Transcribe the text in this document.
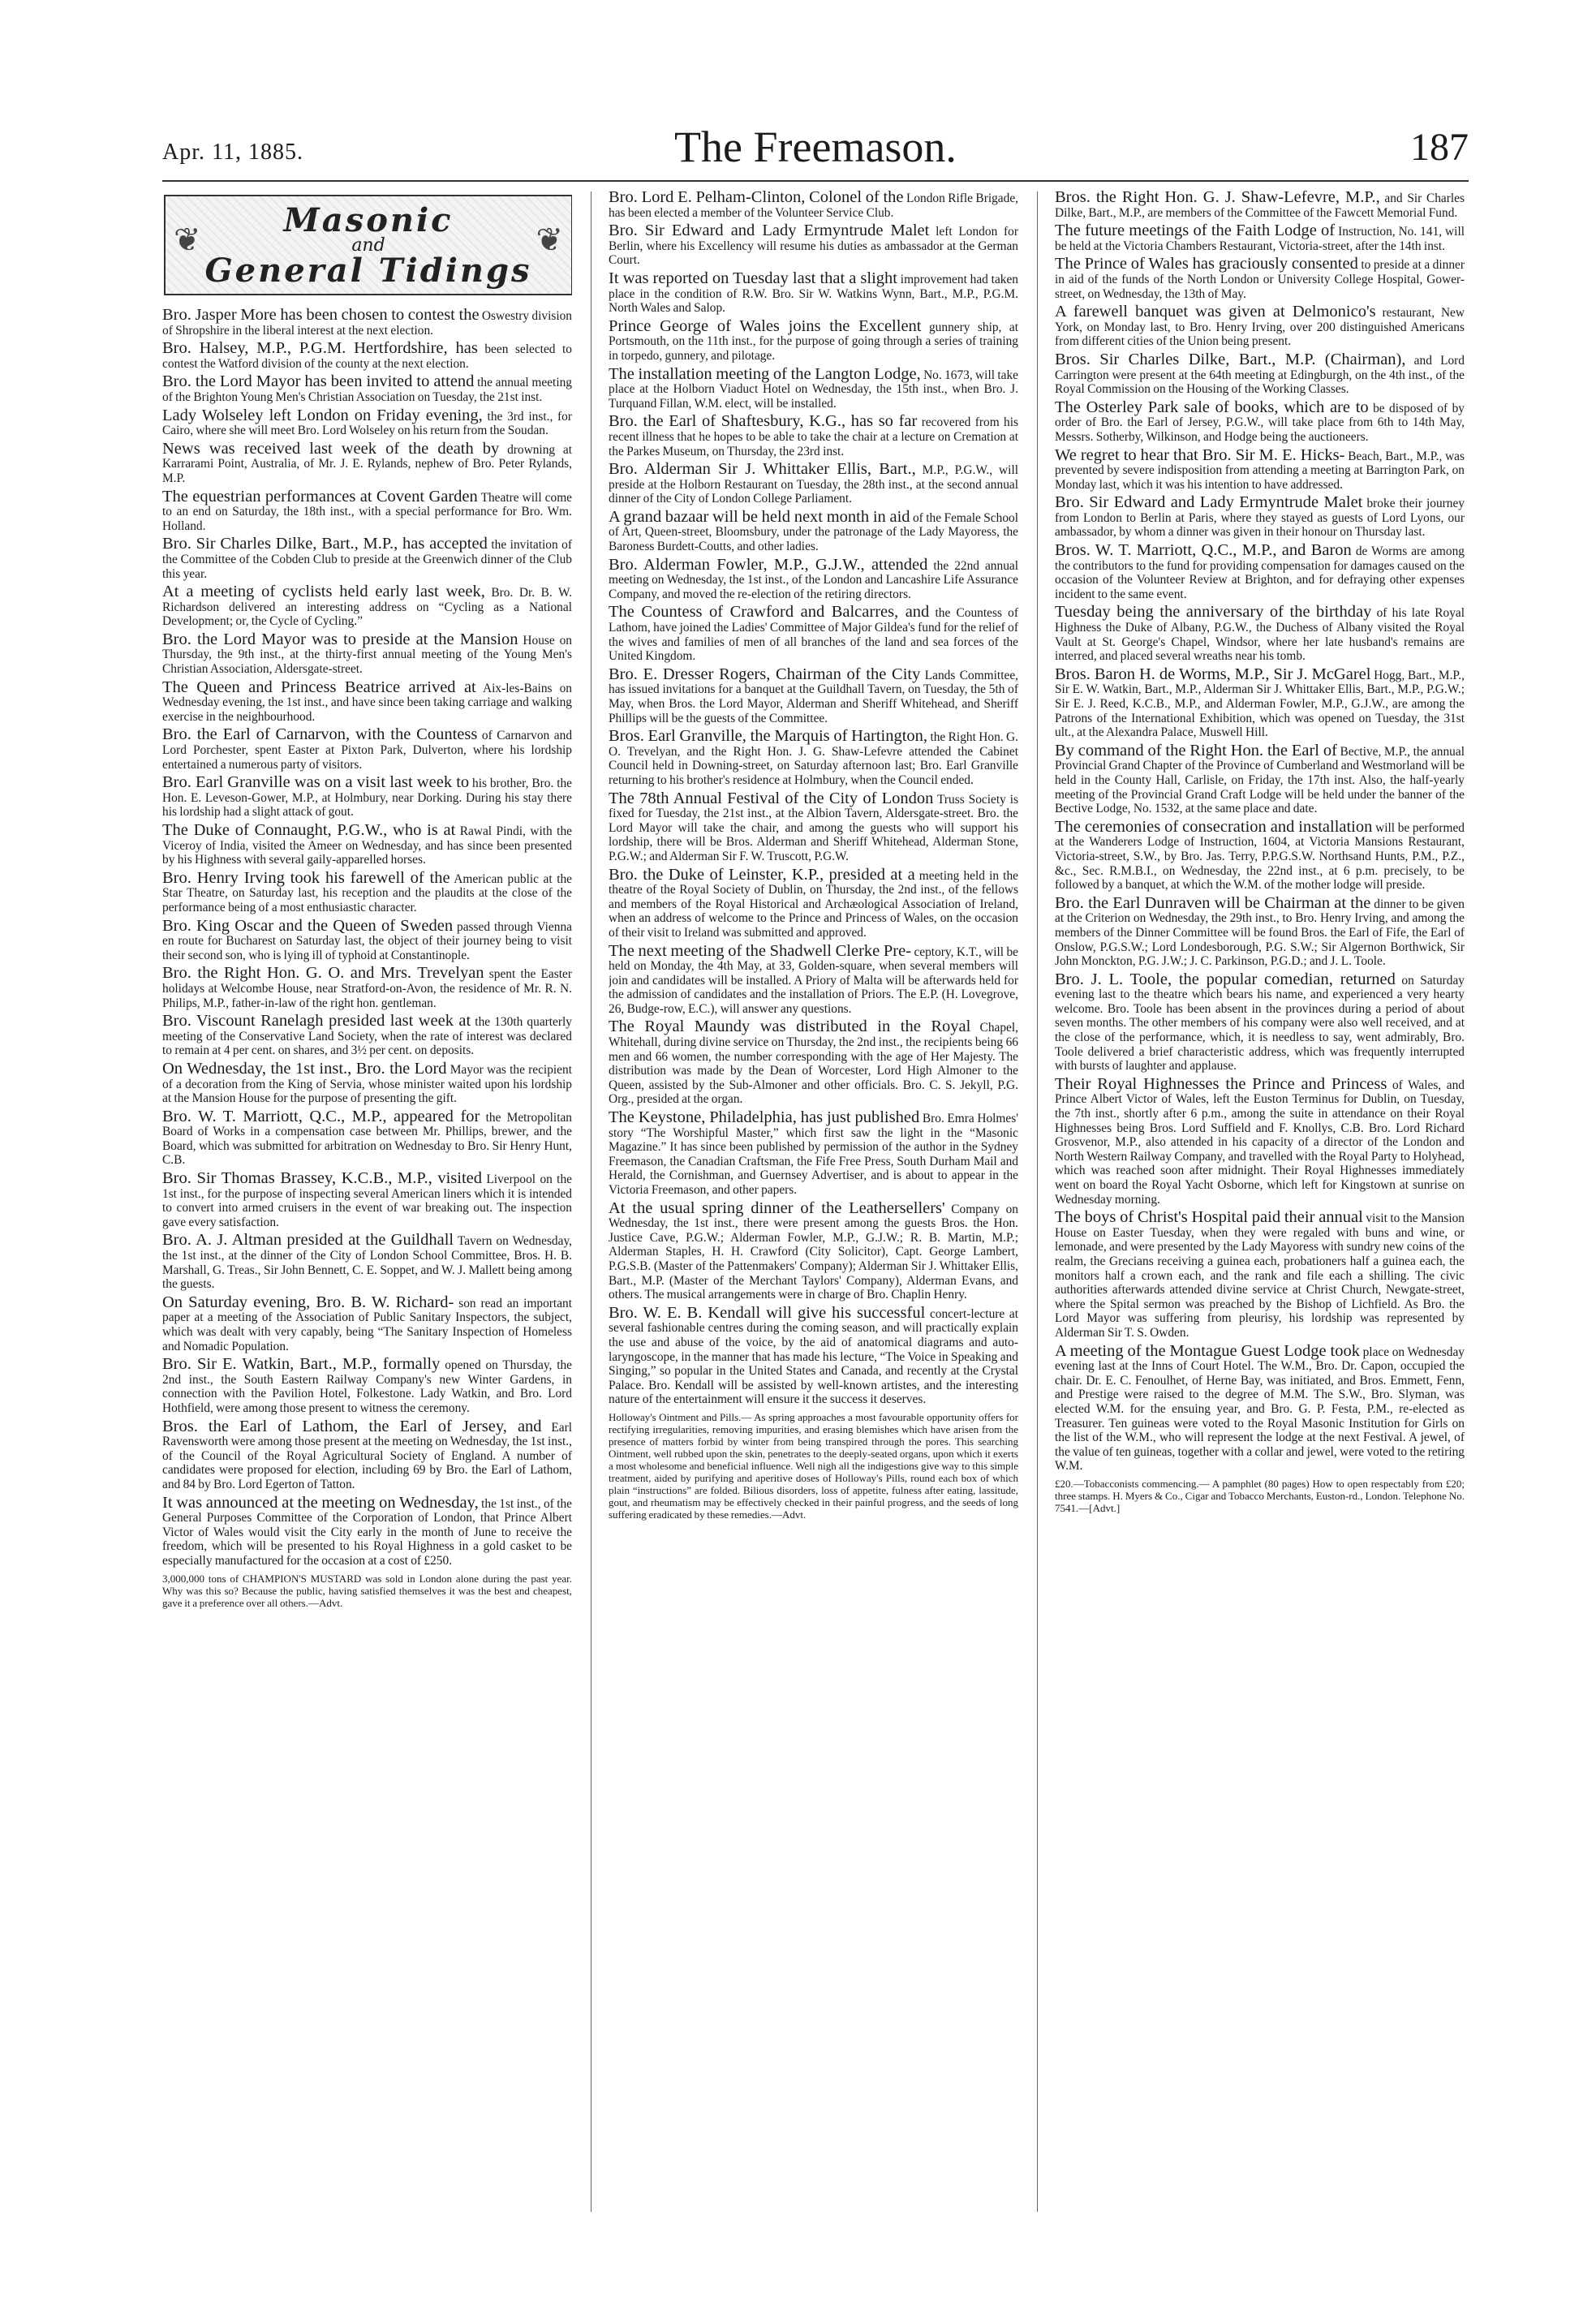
Apr. 11, 1885.	The Freemason.	187
❦	❦
Masonic
and
General Tidings

Bro. Jasper More has been chosen to contest the Oswestry division of Shropshire in the liberal interest at the next election.

Bro. Halsey, M.P., P.G.M. Hertfordshire, has been selected to contest the Watford division of the county at the next election.

Bro. the Lord Mayor has been invited to attend the annual meeting of the Brighton Young Men's Christian Association on Tuesday, the 21st inst.

Lady Wolseley left London on Friday evening, the 3rd inst., for Cairo, where she will meet Bro. Lord Wolseley on his return from the Soudan.

News was received last week of the death by drowning at Karrarami Point, Australia, of Mr. J. E. Rylands, nephew of Bro. Peter Rylands, M.P.

The equestrian performances at Covent Garden Theatre will come to an end on Saturday, the 18th inst., with a special performance for Bro. Wm. Holland.

Bro. Sir Charles Dilke, Bart., M.P., has accepted the invitation of the Committee of the Cobden Club to preside at the Greenwich dinner of the Club this year.

At a meeting of cyclists held early last week, Bro. Dr. B. W. Richardson delivered an interesting address on “Cycling as a National Development; or, the Cycle of Cycling.”

Bro. the Lord Mayor was to preside at the Mansion House on Thursday, the 9th inst., at the thirty-first annual meeting of the Young Men's Christian Association, Aldersgate-street.

The Queen and Princess Beatrice arrived at Aix-les-Bains on Wednesday evening, the 1st inst., and have since been taking carriage and walking exercise in the neighbourhood.

Bro. the Earl of Carnarvon, with the Countess of Carnarvon and Lord Porchester, spent Easter at Pixton Park, Dulverton, where his lordship entertained a numerous party of visitors.

Bro. Earl Granville was on a visit last week to his brother, Bro. the Hon. E. Leveson-Gower, M.P., at Holmbury, near Dorking. During his stay there his lordship had a slight attack of gout.

The Duke of Connaught, P.G.W., who is at Rawal Pindi, with the Viceroy of India, visited the Ameer on Wednesday, and has since been presented by his Highness with several gaily-apparelled horses.

Bro. Henry Irving took his farewell of the American public at the Star Theatre, on Saturday last, his reception and the plaudits at the close of the performance being of a most enthusiastic character.

Bro. King Oscar and the Queen of Sweden passed through Vienna en route for Bucharest on Saturday last, the object of their journey being to visit their second son, who is lying ill of typhoid at Constantinople.

Bro. the Right Hon. G. O. and Mrs. Trevelyan spent the Easter holidays at Welcombe House, near Stratford-on-Avon, the residence of Mr. R. N. Philips, M.P., father-in-law of the right hon. gentleman.

Bro. Viscount Ranelagh presided last week at the 130th quarterly meeting of the Conservative Land Society, when the rate of interest was declared to remain at 4 per cent. on shares, and 3½ per cent. on deposits.

On Wednesday, the 1st inst., Bro. the Lord Mayor was the recipient of a decoration from the King of Servia, whose minister waited upon his lordship at the Mansion House for the purpose of presenting the gift.

Bro. W. T. Marriott, Q.C., M.P., appeared for the Metropolitan Board of Works in a compensation case between Mr. Phillips, brewer, and the Board, which was submitted for arbitration on Wednesday to Bro. Sir Henry Hunt, C.B.

Bro. Sir Thomas Brassey, K.C.B., M.P., visited Liverpool on the 1st inst., for the purpose of inspecting several American liners which it is intended to convert into armed cruisers in the event of war breaking out. The inspection gave every satisfaction.

Bro. A. J. Altman presided at the Guildhall Tavern on Wednesday, the 1st inst., at the dinner of the City of London School Committee, Bros. H. B. Marshall, G. Treas., Sir John Bennett, C. E. Soppet, and W. J. Mallett being among the guests.

On Saturday evening, Bro. B. W. Richard- son read an important paper at a meeting of the Association of Public Sanitary Inspectors, the subject, which was dealt with very capably, being “The Sanitary Inspection of Homeless and Nomadic Population.

Bro. Sir E. Watkin, Bart., M.P., formally opened on Thursday, the 2nd inst., the South Eastern Railway Company's new Winter Gardens, in connection with the Pavilion Hotel, Folkestone. Lady Watkin, and Bro. Lord Hothfield, were among those present to witness the ceremony.

Bros. the Earl of Lathom, the Earl of Jersey, and Earl Ravensworth were among those present at the meeting on Wednesday, the 1st inst., of the Council of the Royal Agricultural Society of England. A number of candidates were proposed for election, including 69 by Bro. the Earl of Lathom, and 84 by Bro. Lord Egerton of Tatton.

It was announced at the meeting on Wednesday, the 1st inst., of the General Purposes Committee of the Corporation of London, that Prince Albert Victor of Wales would visit the City early in the month of June to receive the freedom, which will be presented to his Royal Highness in a gold casket to be especially manufactured for the occasion at a cost of £250.

3,000,000 tons of CHAMPION'S MUSTARD was sold in London alone during the past year. Why was this so? Because the public, having satisfied themselves it was the best and cheapest, gave it a preference over all others.—Advt.

Bro. Lord E. Pelham-Clinton, Colonel of the London Rifle Brigade, has been elected a member of the Volunteer Service Club.

Bro. Sir Edward and Lady Ermyntrude Malet left London for Berlin, where his Excellency will resume his duties as ambassador at the German Court.

It was reported on Tuesday last that a slight improvement had taken place in the condition of R.W. Bro. Sir W. Watkins Wynn, Bart., M.P., P.G.M. North Wales and Salop.

Prince George of Wales joins the Excellent gunnery ship, at Portsmouth, on the 11th inst., for the purpose of going through a series of training in torpedo, gunnery, and pilotage.

The installation meeting of the Langton Lodge, No. 1673, will take place at the Holborn Viaduct Hotel on Wednesday, the 15th inst., when Bro. J. Turquand Fillan, W.M. elect, will be installed.

Bro. the Earl of Shaftesbury, K.G., has so far recovered from his recent illness that he hopes to be able to take the chair at a lecture on Cremation at the Parkes Museum, on Thursday, the 23rd inst.

Bro. Alderman Sir J. Whittaker Ellis, Bart., M.P., P.G.W., will preside at the Holborn Restaurant on Tuesday, the 28th inst., at the second annual dinner of the City of London College Parliament.

A grand bazaar will be held next month in aid of the Female School of Art, Queen-street, Bloomsbury, under the patronage of the Lady Mayoress, the Baroness Burdett-Coutts, and other ladies.

Bro. Alderman Fowler, M.P., G.J.W., attended the 22nd annual meeting on Wednesday, the 1st inst., of the London and Lancashire Life Assurance Company, and moved the re-election of the retiring directors.

The Countess of Crawford and Balcarres, and the Countess of Lathom, have joined the Ladies' Committee of Major Gildea's fund for the relief of the wives and families of men of all branches of the land and sea forces of the United Kingdom.

Bro. E. Dresser Rogers, Chairman of the City Lands Committee, has issued invitations for a banquet at the Guildhall Tavern, on Tuesday, the 5th of May, when Bros. the Lord Mayor, Alderman and Sheriff Whitehead, and Sheriff Phillips will be the guests of the Committee.

Bros. Earl Granville, the Marquis of Hartington, the Right Hon. G. O. Trevelyan, and the Right Hon. J. G. Shaw-Lefevre attended the Cabinet Council held in Downing-street, on Saturday afternoon last; Bro. Earl Granville returning to his brother's residence at Holmbury, when the Council ended.

The 78th Annual Festival of the City of London Truss Society is fixed for Tuesday, the 21st inst., at the Albion Tavern, Aldersgate-street. Bro. the Lord Mayor will take the chair, and among the guests who will support his lordship, there will be Bros. Alderman and Sheriff Whitehead, Alderman Stone, P.G.W.; and Alderman Sir F. W. Truscott, P.G.W.

Bro. the Duke of Leinster, K.P., presided at a meeting held in the theatre of the Royal Society of Dublin, on Thursday, the 2nd inst., of the fellows and members of the Royal Historical and Archæological Association of Ireland, when an address of welcome to the Prince and Princess of Wales, on the occasion of their visit to Ireland was submitted and approved.

The next meeting of the Shadwell Clerke Pre- ceptory, K.T., will be held on Monday, the 4th May, at 33, Golden-square, when several members will join and candidates will be installed. A Priory of Malta will be afterwards held for the admission of candidates and the installation of Priors. The E.P. (H. Lovegrove, 26, Budge-row, E.C.), will answer any questions.

The Royal Maundy was distributed in the Royal Chapel, Whitehall, during divine service on Thursday, the 2nd inst., the recipients being 66 men and 66 women, the number corresponding with the age of Her Majesty. The distribution was made by the Dean of Worcester, Lord High Almoner to the Queen, assisted by the Sub-Almoner and other officials. Bro. C. S. Jekyll, P.G. Org., presided at the organ.

The Keystone, Philadelphia, has just published Bro. Emra Holmes' story “The Worshipful Master,” which first saw the light in the “Masonic Magazine.” It has since been published by permission of the author in the Sydney Freemason, the Canadian Craftsman, the Fife Free Press, South Durham Mail and Herald, the Cornishman, and Guernsey Advertiser, and is about to appear in the Victoria Freemason, and other papers.

At the usual spring dinner of the Leathersellers' Company on Wednesday, the 1st inst., there were present among the guests Bros. the Hon. Justice Cave, P.G.W.; Alderman Fowler, M.P., G.J.W.; R. B. Martin, M.P.; Alderman Staples, H. H. Crawford (City Solicitor), Capt. George Lambert, P.G.S.B. (Master of the Pattenmakers' Company); Alderman Sir J. Whittaker Ellis, Bart., M.P. (Master of the Merchant Taylors' Company), Alderman Evans, and others. The musical arrangements were in charge of Bro. Chaplin Henry.

Bro. W. E. B. Kendall will give his successful concert-lecture at several fashionable centres during the coming season, and will practically explain the use and abuse of the voice, by the aid of anatomical diagrams and auto-laryngoscope, in the manner that has made his lecture, “The Voice in Speaking and Singing,” so popular in the United States and Canada, and recently at the Crystal Palace. Bro. Kendall will be assisted by well-known artistes, and the interesting nature of the entertainment will ensure it the success it deserves.

Holloway's Ointment and Pills.— As spring approaches a most favourable opportunity offers for rectifying irregularities, removing impurities, and erasing blemishes which have arisen from the presence of matters forbid by winter from being transpired through the pores. This searching Ointment, well rubbed upon the skin, penetrates to the deeply-seated organs, upon which it exerts a most wholesome and beneficial influence. Well nigh all the indigestions give way to this simple treatment, aided by purifying and aperitive doses of Holloway's Pills, round each box of which plain “instructions” are folded. Bilious disorders, loss of appetite, fulness after eating, lassitude, gout, and rheumatism may be effectively checked in their painful progress, and the seeds of long suffering eradicated by these remedies.—Advt.

Bros. the Right Hon. G. J. Shaw-Lefevre, M.P., and Sir Charles Dilke, Bart., M.P., are members of the Committee of the Fawcett Memorial Fund.

The future meetings of the Faith Lodge of Instruction, No. 141, will be held at the Victoria Chambers Restaurant, Victoria-street, after the 14th inst.

The Prince of Wales has graciously consented to preside at a dinner in aid of the funds of the North London or University College Hospital, Gower-street, on Wednesday, the 13th of May.

A farewell banquet was given at Delmonico's restaurant, New York, on Monday last, to Bro. Henry Irving, over 200 distinguished Americans from different cities of the Union being present.

Bros. Sir Charles Dilke, Bart., M.P. (Chairman), and Lord Carrington were present at the 64th meeting at Edingburgh, on the 4th inst., of the Royal Commission on the Housing of the Working Classes.

The Osterley Park sale of books, which are to be disposed of by order of Bro. the Earl of Jersey, P.G.W., will take place from 6th to 14th May, Messrs. Sotherby, Wilkinson, and Hodge being the auctioneers.

We regret to hear that Bro. Sir M. E. Hicks- Beach, Bart., M.P., was prevented by severe indisposition from attending a meeting at Barrington Park, on Monday last, which it was his intention to have addressed.

Bro. Sir Edward and Lady Ermyntrude Malet broke their journey from London to Berlin at Paris, where they stayed as guests of Lord Lyons, our ambassador, by whom a dinner was given in their honour on Thursday last.

Bros. W. T. Marriott, Q.C., M.P., and Baron de Worms are among the contributors to the fund for providing compensation for damages caused on the occasion of the Volunteer Review at Brighton, and for defraying other expenses incident to the same event.

Tuesday being the anniversary of the birthday of his late Royal Highness the Duke of Albany, P.G.W., the Duchess of Albany visited the Royal Vault at St. George's Chapel, Windsor, where her late husband's remains are interred, and placed several wreaths near his tomb.

Bros. Baron H. de Worms, M.P., Sir J. McGarel Hogg, Bart., M.P., Sir E. W. Watkin, Bart., M.P., Alderman Sir J. Whittaker Ellis, Bart., M.P., P.G.W.; Sir E. J. Reed, K.C.B., M.P., and Alderman Fowler, M.P., G.J.W., are among the Patrons of the International Exhibition, which was opened on Tuesday, the 31st ult., at the Alexandra Palace, Muswell Hill.

By command of the Right Hon. the Earl of Bective, M.P., the annual Provincial Grand Chapter of the Province of Cumberland and Westmorland will be held in the County Hall, Carlisle, on Friday, the 17th inst. Also, the half-yearly meeting of the Provincial Grand Craft Lodge will be held under the banner of the Bective Lodge, No. 1532, at the same place and date.

The ceremonies of consecration and installation will be performed at the Wanderers Lodge of Instruction, 1604, at Victoria Mansions Restaurant, Victoria-street, S.W., by Bro. Jas. Terry, P.P.G.S.W. Northsand Hunts, P.M., P.Z., &c., Sec. R.M.B.I., on Wednesday, the 22nd inst., at 6 p.m. precisely, to be followed by a banquet, at which the W.M. of the mother lodge will preside.

Bro. the Earl Dunraven will be Chairman at the dinner to be given at the Criterion on Wednesday, the 29th inst., to Bro. Henry Irving, and among the members of the Dinner Committee will be found Bros. the Earl of Fife, the Earl of Onslow, P.G.S.W.; Lord Londesborough, P.G. S.W.; Sir Algernon Borthwick, Sir John Monckton, P.G. J.W.; J. C. Parkinson, P.G.D.; and J. L. Toole.

Bro. J. L. Toole, the popular comedian, returned on Saturday evening last to the theatre which bears his name, and experienced a very hearty welcome. Bro. Toole has been absent in the provinces during a period of about seven months. The other members of his company were also well received, and at the close of the performance, which, it is needless to say, went admirably, Bro. Toole delivered a brief characteristic address, which was frequently interrupted with bursts of laughter and applause.

Their Royal Highnesses the Prince and Princess of Wales, and Prince Albert Victor of Wales, left the Euston Terminus for Dublin, on Tuesday, the 7th inst., shortly after 6 p.m., among the suite in attendance on their Royal Highnesses being Bros. Lord Suffield and F. Knollys, C.B. Bro. Lord Richard Grosvenor, M.P., also attended in his capacity of a director of the London and North Western Railway Company, and travelled with the Royal Party to Holyhead, which was reached soon after midnight. Their Royal Highnesses immediately went on board the Royal Yacht Osborne, which left for Kingstown at sunrise on Wednesday morning.

The boys of Christ's Hospital paid their annual visit to the Mansion House on Easter Tuesday, when they were regaled with buns and wine, or lemonade, and were presented by the Lady Mayoress with sundry new coins of the realm, the Grecians receiving a guinea each, probationers half a guinea each, the monitors half a crown each, and the rank and file each a shilling. The civic authorities afterwards attended divine service at Christ Church, Newgate-street, where the Spital sermon was preached by the Bishop of Lichfield. As Bro. the Lord Mayor was suffering from pleurisy, his lordship was represented by Alderman Sir T. S. Owden.

A meeting of the Montague Guest Lodge took place on Wednesday evening last at the Inns of Court Hotel. The W.M., Bro. Dr. Capon, occupied the chair. Dr. E. C. Fenoulhet, of Herne Bay, was initiated, and Bros. Emmett, Fenn, and Prestige were raised to the degree of M.M. The S.W., Bro. Slyman, was elected W.M. for the ensuing year, and Bro. G. P. Festa, P.M., re-elected as Treasurer. Ten guineas were voted to the Royal Masonic Institution for Girls on the list of the W.M., who will represent the lodge at the next Festival. A jewel, of the value of ten guineas, together with a collar and jewel, were voted to the retiring W.M.

£20.—Tobacconists commencing.— A pamphlet (80 pages) How to open respectably from £20; three stamps. H. Myers & Co., Cigar and Tobacco Merchants, Euston-rd., London. Telephone No. 7541.—[Advt.]
